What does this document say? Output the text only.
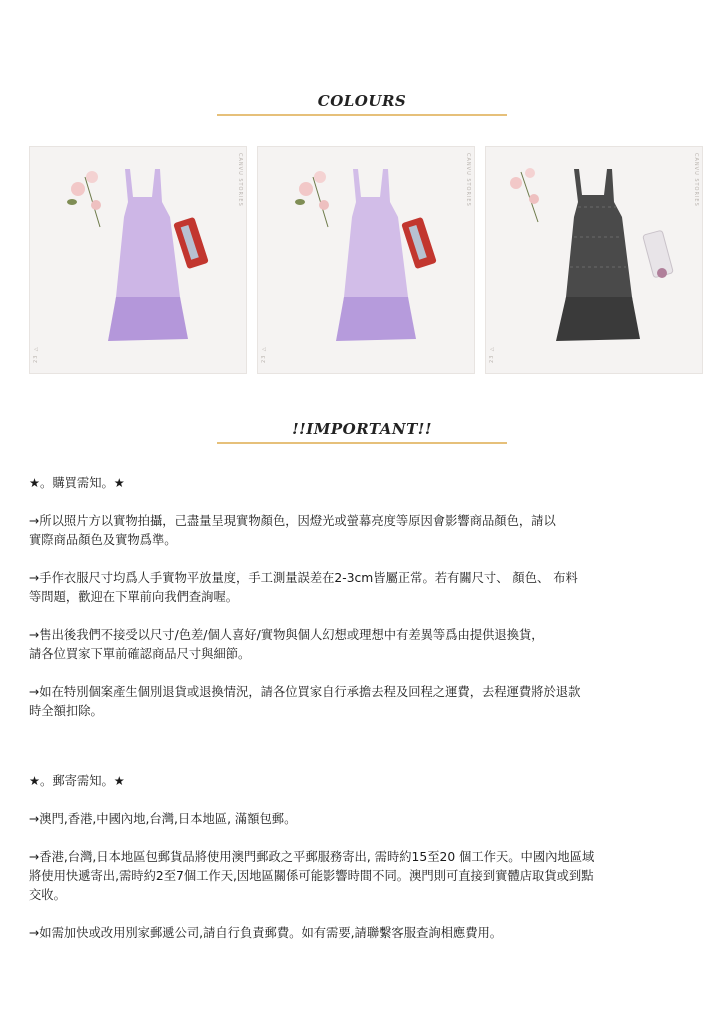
COLOURS
CANVU STORIES
23 ▷
CANVU STORIES
23 ▷
CANVU STORIES
23 ▷
!!IMPORTANT!!

★。購買需知。★

→所以照片方以實物拍攝，己盡量呈現實物顏色，因燈光或螢幕亮度等原因會影響商品顏色，請以

實際商品顏色及實物爲準。

→手作衣服尺寸均爲人手實物平放量度，手工測量誤差在2-3cm皆屬正常。若有關尺寸、 顏色、 布料

等問題，歡迎在下單前向我們查詢喔。

→售出後我們不接受以尺寸/色差/個人喜好/實物與個人幻想或理想中有差異等爲由提供退換貨，

請各位買家下單前確認商品尺寸與細節。

→如在特別個案產生個別退貨或退換情況，請各位買家自行承擔去程及回程之運費，去程運費將於退款

時全額扣除。

★。郵寄需知。★

→澳門,香港,中國內地,台灣,日本地區, 滿額包郵。

→香港,台灣,日本地區包郵貨品將使用澳門郵政之平郵服務寄出, 需時約15至20 個工作天。中國內地區域

將使用快遞寄出,需時約2至7個工作天,因地區關係可能影響時間不同。澳門則可直接到實體店取貨或到點

交收。

→如需加快或改用別家郵遞公司,請自行負責郵費。如有需要,請聯繫客服查詢相應費用。
